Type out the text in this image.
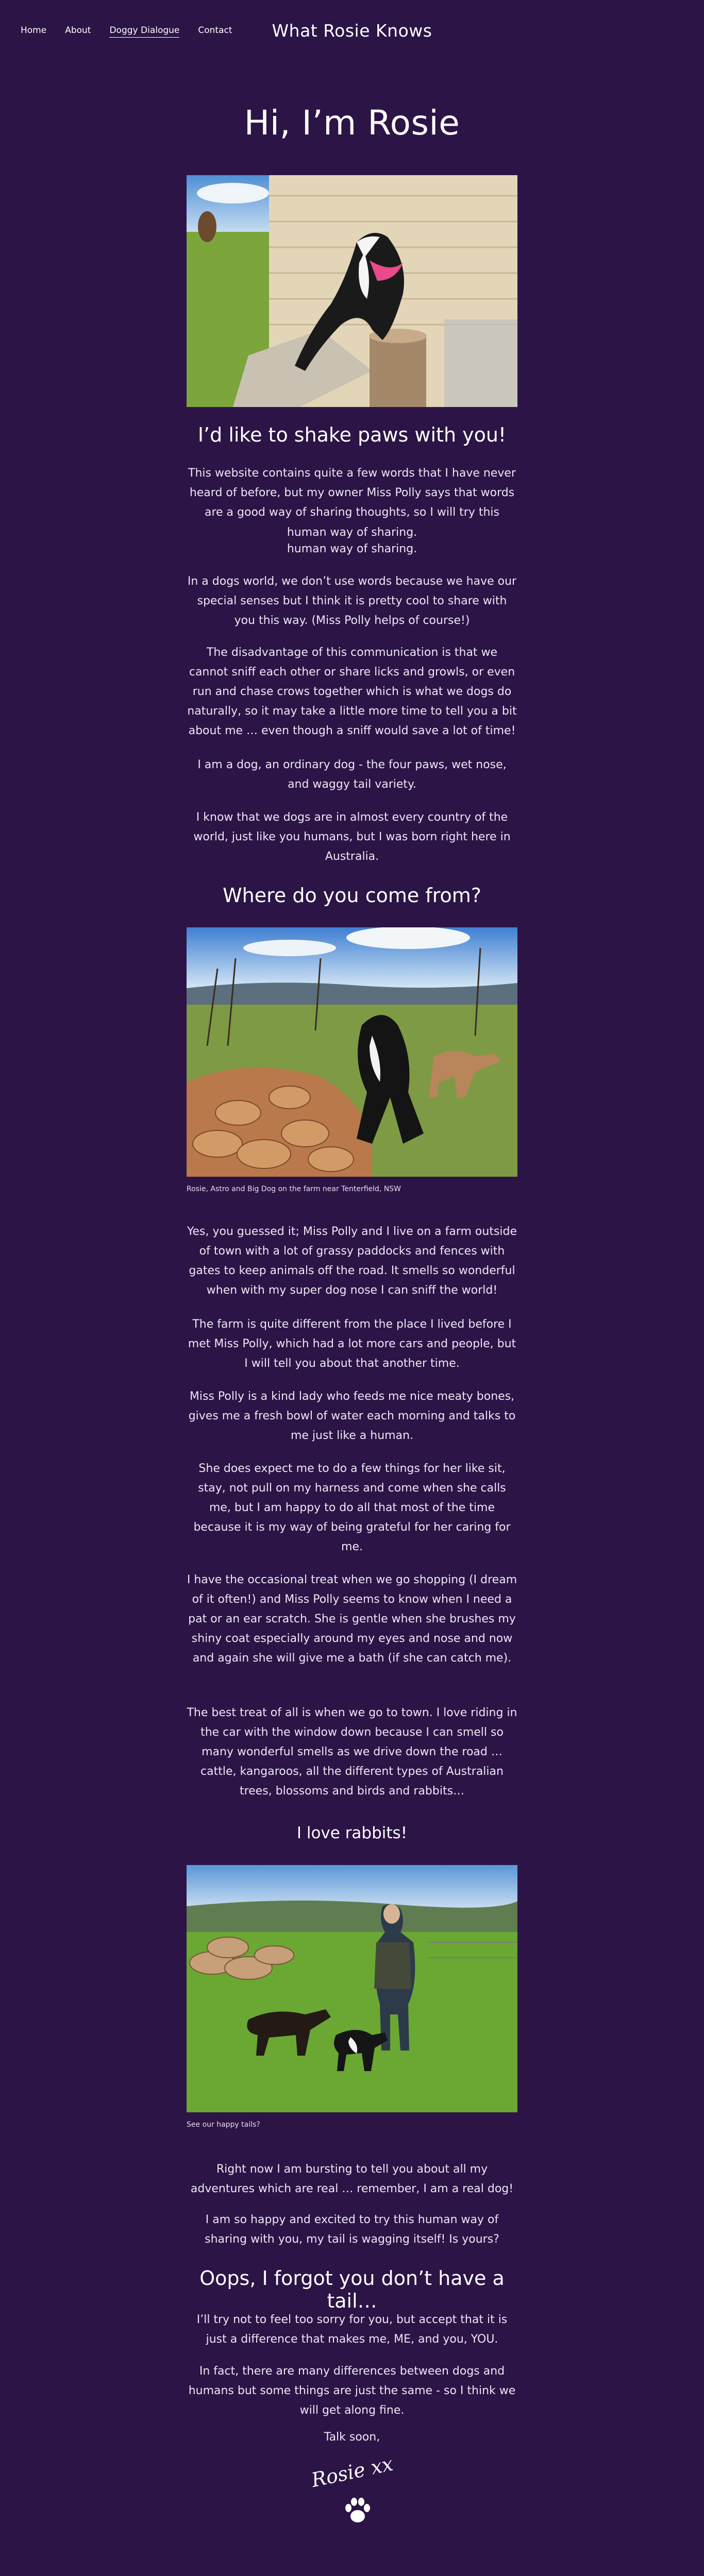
Home About Doggy Dialogue Contact	What Rosie Knows
Hi, I’m Rosie
I’d like to shake paws with you!

This website contains quite a few words that I have never heard of before, but my owner Miss Polly says that words are a good way of sharing thoughts, so I will try this

human way of sharing.

human way of sharing.

In a dogs world, we don’t use words because we have our special senses but I think it is pretty cool to share with you this way. (Miss Polly helps of course!)

The disadvantage of this communication is that we cannot sniff each other or share licks and growls, or even run and chase crows together which is what we dogs do naturally, so it may take a little more time to tell you a bit about me … even though a sniff would save a lot of time!

I am a dog, an ordinary dog - the four paws, wet nose, and waggy tail variety.

I know that we dogs are in almost every country of the world, just like you humans, but I was born right here in Australia.

Where do you come from?
Rosie, Astro and Big Dog on the farm near Tenterfield, NSW

Yes, you guessed it; Miss Polly and I live on a farm outside of town with a lot of grassy paddocks and fences with gates to keep animals off the road. It smells so wonderful when with my super dog nose I can sniff the world!

The farm is quite different from the place I lived before I met Miss Polly, which had a lot more cars and people, but I will tell you about that another time.

Miss Polly is a kind lady who feeds me nice meaty bones, gives me a fresh bowl of water each morning and talks to me just like a human.

She does expect me to do a few things for her like sit, stay, not pull on my harness and come when she calls me, but I am happy to do all that most of the time because it is my way of being grateful for her caring for me.

I have the occasional treat when we go shopping (I dream of it often!) and Miss Polly seems to know when I need a pat or an ear scratch. She is gentle when she brushes my shiny coat especially around my eyes and nose and now and again she will give me a bath (if she can catch me).

The best treat of all is when we go to town. I love riding in the car with the window down because I can smell so many wonderful smells as we drive down the road … cattle, kangaroos, all the different types of Australian trees, blossoms and birds and rabbits…

I love rabbits!
See our happy tails?

Right now I am bursting to tell you about all my adventures which are real … remember, I am a real dog!

I am so happy and excited to try this human way of sharing with you, my tail is wagging itself! Is yours?

Oops, I forgot you don’t have a tail…

I’ll try not to feel too sorry for you, but accept that it is just a difference that makes me, ME, and you, YOU.

In fact, there are many differences between dogs and humans but some things are just the same - so I think we will get along fine.

Talk soon,

Rosie xx
